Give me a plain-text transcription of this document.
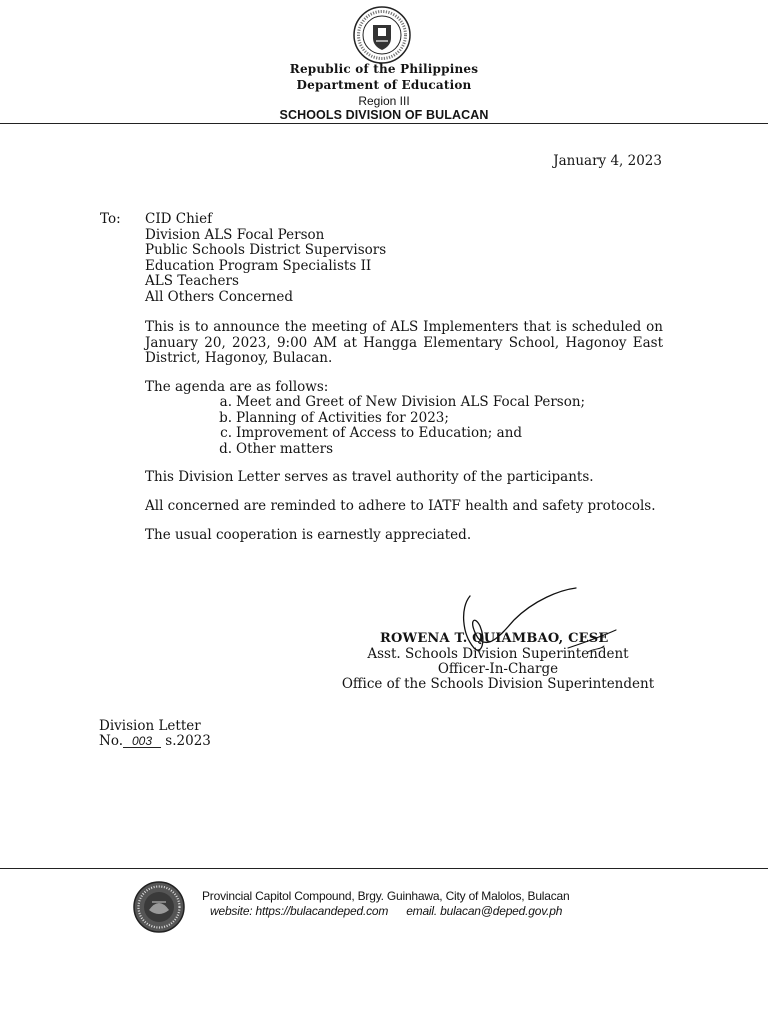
Republic of the Philippines
Department of Education
Region III
SCHOOLS DIVISION OF BULACAN
January 4, 2023
To: CID Chief
Division ALS Focal Person
Public Schools District Supervisors
Education Program Specialists II
ALS Teachers
All Others Concerned
This is to announce the meeting of ALS Implementers that is scheduled on January 20, 2023, 9:00 AM at Hangga Elementary School, Hagonoy East District, Hagonoy, Bulacan.
The agenda are as follows:
a. Meet and Greet of New Division ALS Focal Person;
b. Planning of Activities for 2023;
c. Improvement of Access to Education; and
d. Other matters
This Division Letter serves as travel authority of the participants.
All concerned are reminded to adhere to IATF health and safety protocols.
The usual cooperation is earnestly appreciated.
ROWENA T. QUIAMBAO, CESE
Asst. Schools Division Superintendent
Officer-In-Charge
Office of the Schools Division Superintendent
Division Letter
No. 003 s.2023
Provincial Capitol Compound, Brgy. Guinhawa, City of Malolos, Bulacan
website: https://bulacandeped.com email. bulacan@deped.gov.ph
